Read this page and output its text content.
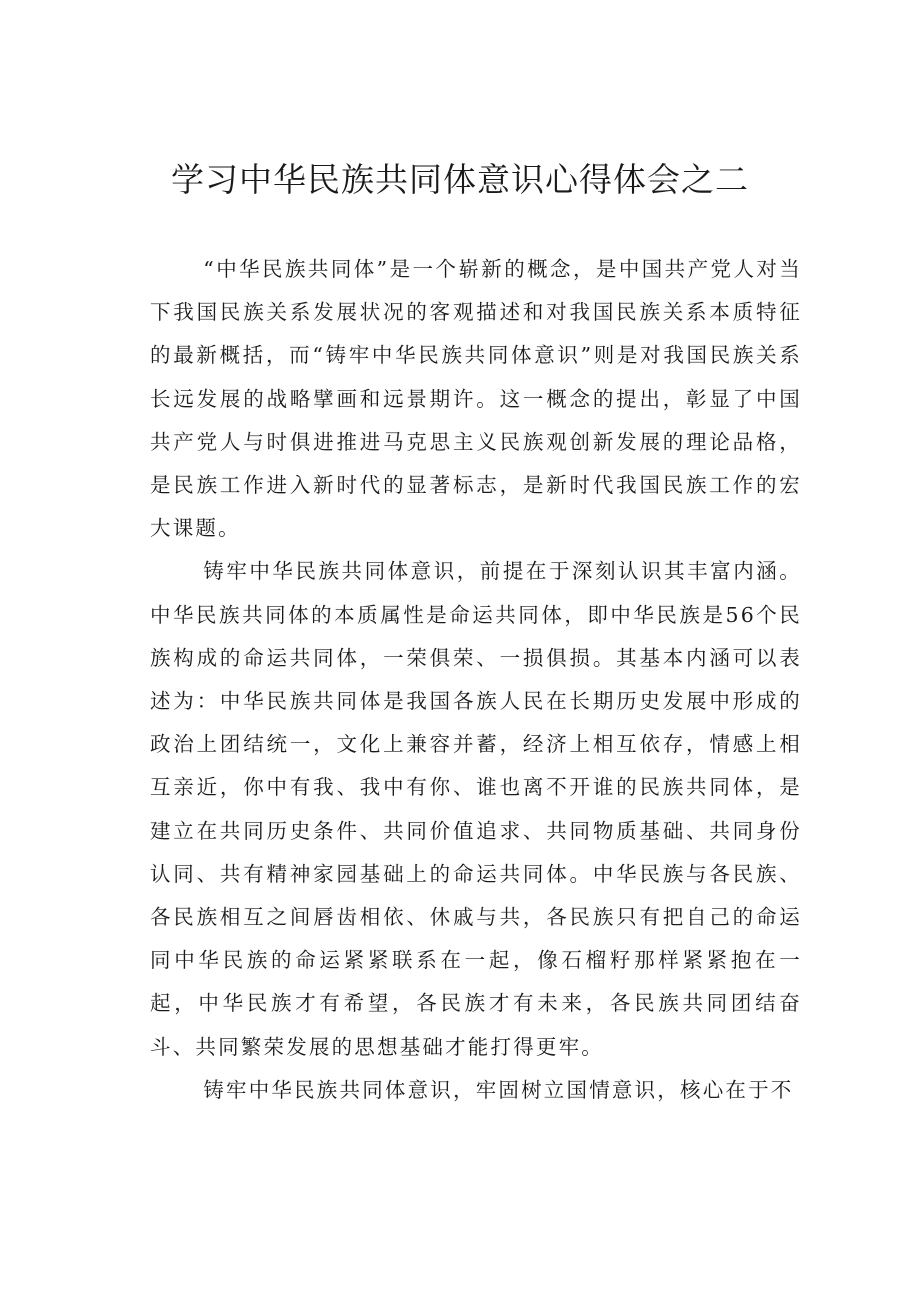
学习中华民族共同体意识心得体会之二

“中华民族共同体”是一个崭新的概念，是中国共产党人对当下我国民族关系发展状况的客观描述和对我国民族关系本质特征的最新概括，而“铸牢中华民族共同体意识”则是对我国民族关系长远发展的战略擘画和远景期许。这一概念的提出，彰显了中国共产党人与时俱进推进马克思主义民族观创新发展的理论品格，是民族工作进入新时代的显著标志，是新时代我国民族工作的宏大课题。

铸牢中华民族共同体意识，前提在于深刻认识其丰富内涵。中华民族共同体的本质属性是命运共同体，即中华民族是56个民族构成的命运共同体，一荣俱荣、一损俱损。其基本内涵可以表述为：中华民族共同体是我国各族人民在长期历史发展中形成的政治上团结统一，文化上兼容并蓄，经济上相互依存，情感上相互亲近，你中有我、我中有你、谁也离不开谁的民族共同体，是建立在共同历史条件、共同价值追求、共同物质基础、共同身份认同、共有精神家园基础上的命运共同体。中华民族与各民族、各民族相互之间唇齿相依、休戚与共，各民族只有把自己的命运同中华民族的命运紧紧联系在一起，像石榴籽那样紧紧抱在一起，中华民族才有希望，各民族才有未来，各民族共同团结奋斗、共同繁荣发展的思想基础才能打得更牢。

铸牢中华民族共同体意识，牢固树立国情意识，核心在于不
